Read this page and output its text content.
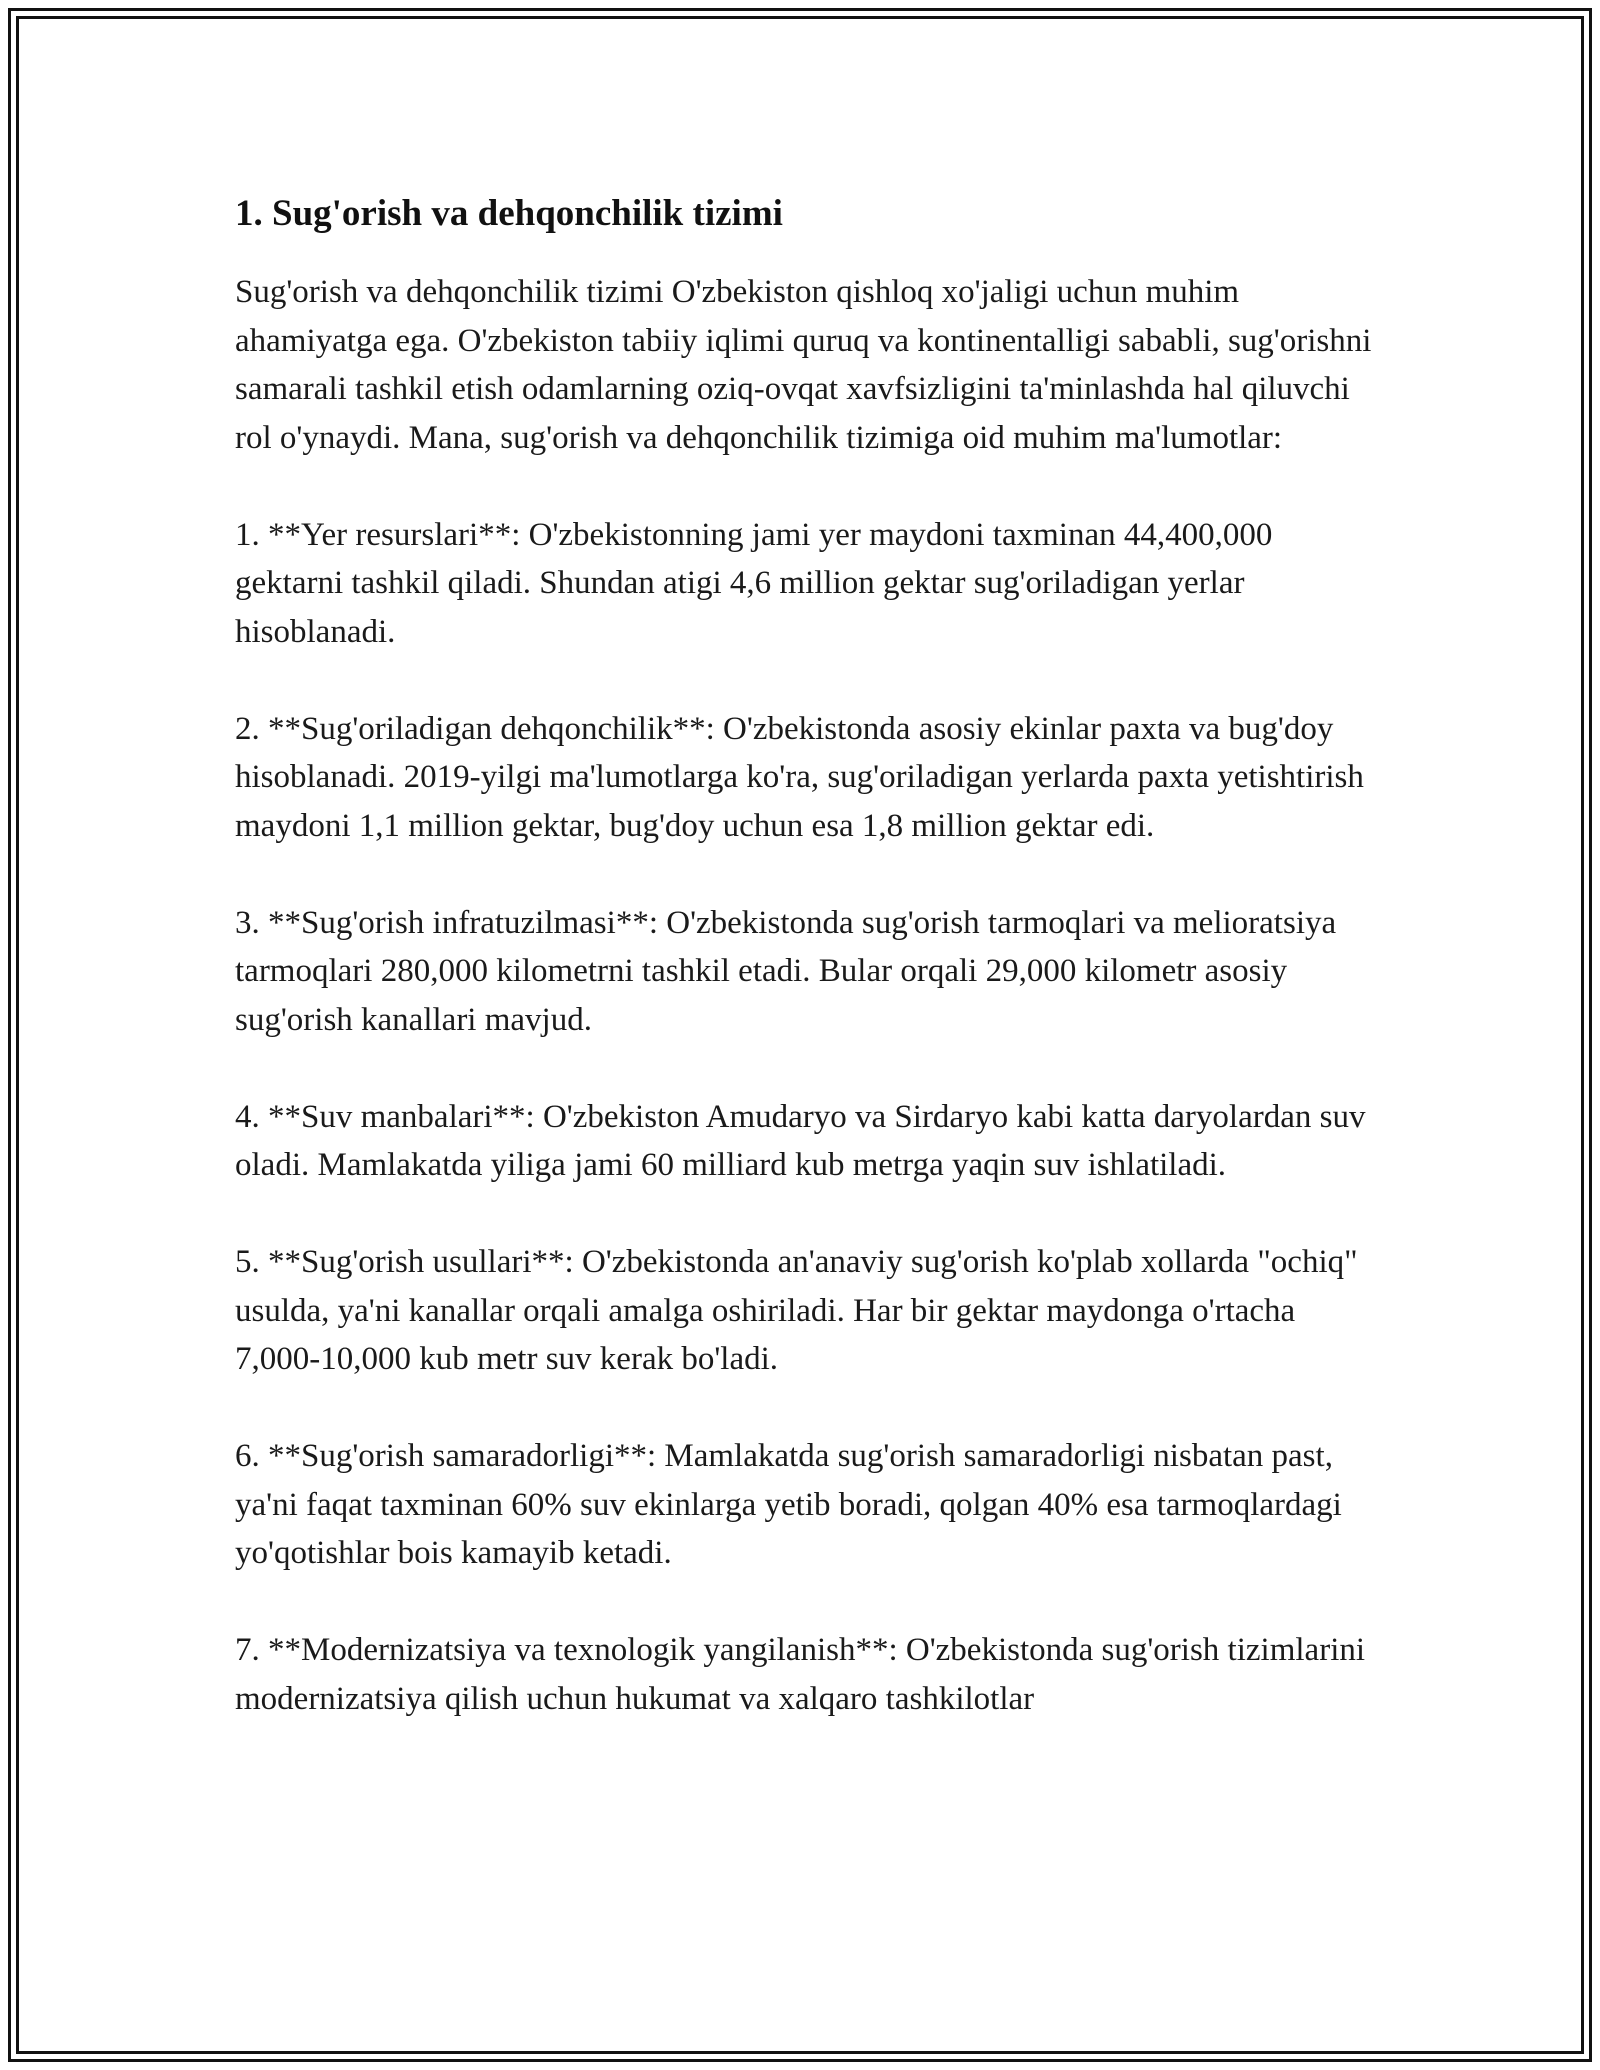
1. Sug'orish va dehqonchilik tizimi

Sug'orish va dehqonchilik tizimi O'zbekiston qishloq xo'jaligi uchun muhim ahamiyatga ega. O'zbekiston tabiiy iqlimi quruq va kontinentalligi sababli, sug'orishni samarali tashkil etish odamlarning oziq-ovqat xavfsizligini ta'minlashda hal qiluvchi rol o'ynaydi. Mana, sug'orish va dehqonchilik tizimiga oid muhim ma'lumotlar:

1. **Yer resurslari**: O'zbekistonning jami yer maydoni taxminan 44,400,000 gektarni tashkil qiladi. Shundan atigi 4,6 million gektar sug'oriladigan yerlar hisoblanadi.

2. **Sug'oriladigan dehqonchilik**: O'zbekistonda asosiy ekinlar paxta va bug'doy hisoblanadi. 2019-yilgi ma'lumotlarga ko'ra, sug'oriladigan yerlarda paxta yetishtirish maydoni 1,1 million gektar, bug'doy uchun esa 1,8 million gektar edi.

3. **Sug'orish infratuzilmasi**: O'zbekistonda sug'orish tarmoqlari va melioratsiya tarmoqlari 280,000 kilometrni tashkil etadi. Bular orqali 29,000 kilometr asosiy sug'orish kanallari mavjud.

4. **Suv manbalari**: O'zbekiston Amudaryo va Sirdaryo kabi katta daryolardan suv oladi. Mamlakatda yiliga jami 60 milliard kub metrga yaqin suv ishlatiladi.

5. **Sug'orish usullari**: O'zbekistonda an'anaviy sug'orish ko'plab xollarda "ochiq" usulda, ya'ni kanallar orqali amalga oshiriladi. Har bir gektar maydonga o'rtacha 7,000-10,000 kub metr suv kerak bo'ladi.

6. **Sug'orish samaradorligi**: Mamlakatda sug'orish samaradorligi nisbatan past, ya'ni faqat taxminan 60% suv ekinlarga yetib boradi, qolgan 40% esa tarmoqlardagi yo'qotishlar bois kamayib ketadi.

7. **Modernizatsiya va texnologik yangilanish**: O'zbekistonda sug'orish tizimlarini modernizatsiya qilish uchun hukumat va xalqaro tashkilotlar
